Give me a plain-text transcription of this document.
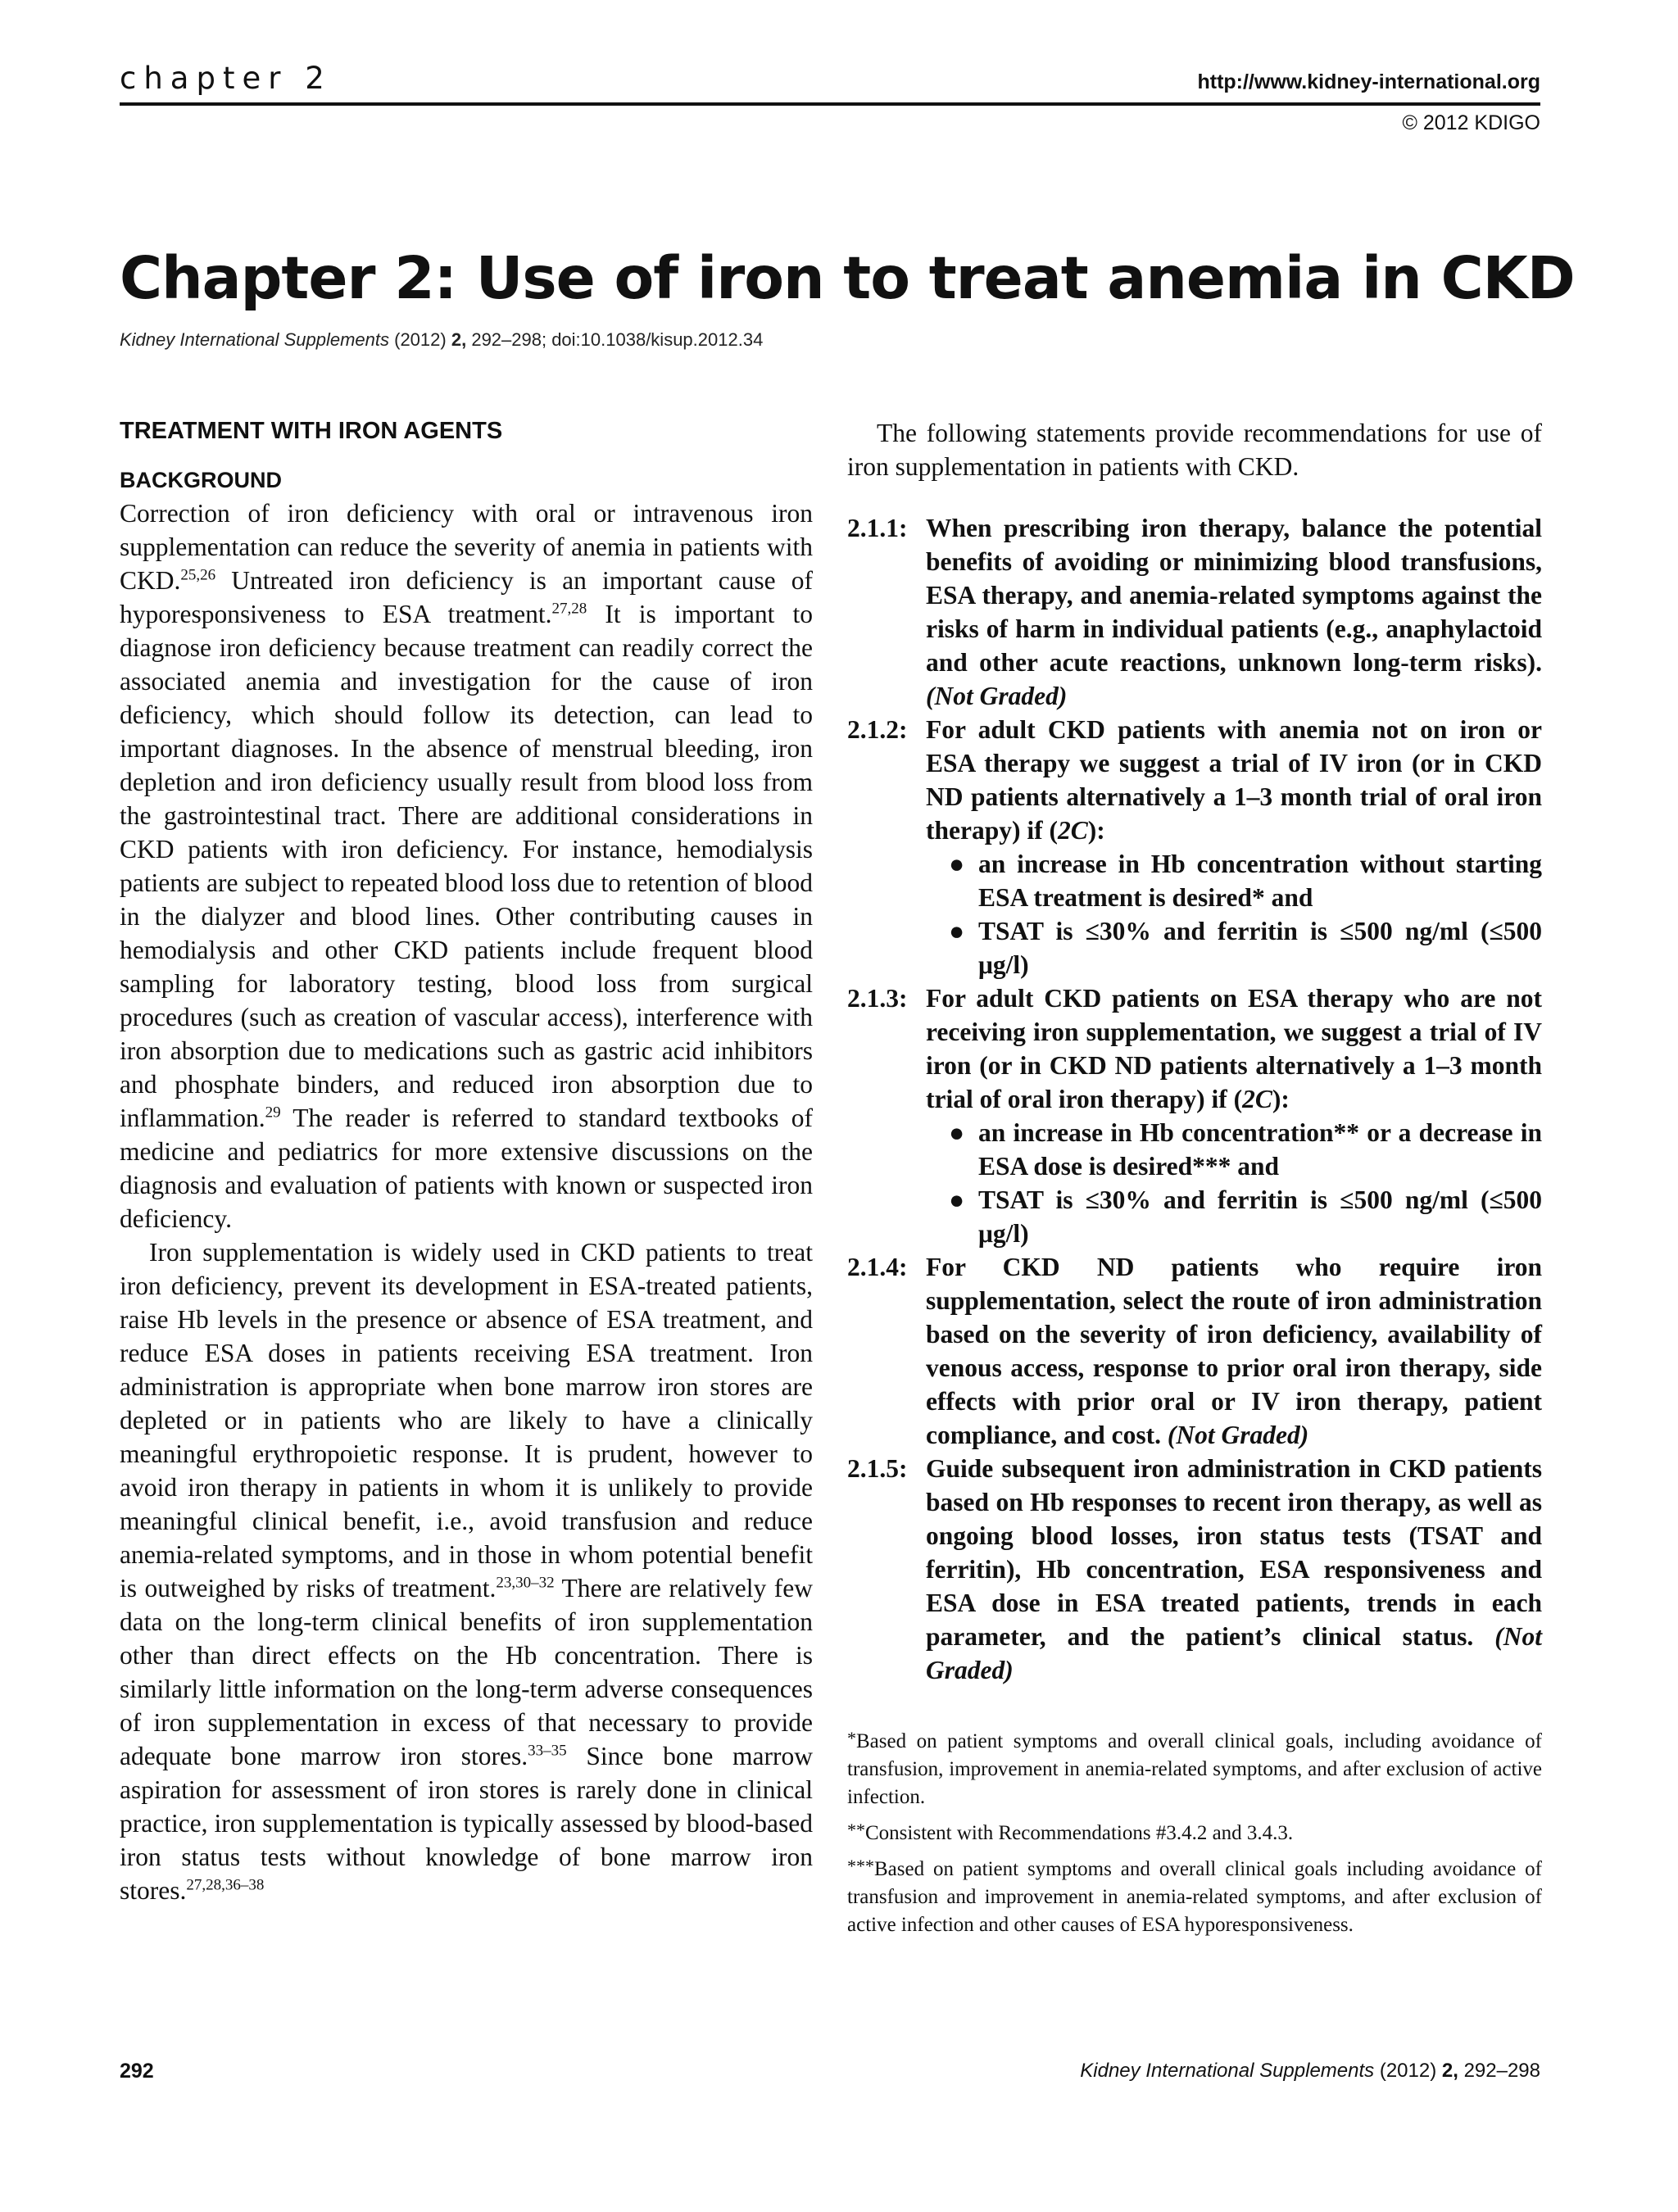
chapter 2	http://www.kidney-international.org
© 2012 KDIGO
Chapter 2: Use of iron to treat anemia in CKD
Kidney International Supplements (2012) 2, 292–298; doi:10.1038/kisup.2012.34
TREATMENT WITH IRON AGENTS
BACKGROUND

Correction of iron deficiency with oral or intravenous iron supplementation can reduce the severity of anemia in patients with CKD.$^{25,26}$ Untreated iron deficiency is an important cause of hyporesponsiveness to ESA treatment.$^{27,28}$ It is important to diagnose iron deficiency because treatment can readily correct the associated anemia and investigation for the cause of iron deficiency, which should follow its detection, can lead to important diagnoses. In the absence of menstrual bleeding, iron depletion and iron deficiency usually result from blood loss from the gastrointestinal tract. There are additional considerations in CKD patients with iron deficiency. For instance, hemodialysis patients are subject to repeated blood loss due to retention of blood in the dialyzer and blood lines. Other contributing causes in hemodialysis and other CKD patients include frequent blood sampling for laboratory testing, blood loss from surgical procedures (such as creation of vascular access), interference with iron absorption due to medications such as gastric acid inhibitors and phosphate binders, and reduced iron absorption due to inflammation.$^{29}$ The reader is referred to standard textbooks of medicine and pediatrics for more extensive discussions on the diagnosis and evaluation of patients with known or suspected iron deficiency.

Iron supplementation is widely used in CKD patients to treat iron deficiency, prevent its development in ESA-treated patients, raise Hb levels in the presence or absence of ESA treatment, and reduce ESA doses in patients receiving ESA treatment. Iron administration is appropriate when bone marrow iron stores are depleted or in patients who are likely to have a clinically meaningful erythropoietic response. It is prudent, however to avoid iron therapy in patients in whom it is unlikely to provide meaningful clinical benefit, i.e., avoid transfusion and reduce anemia-related symptoms, and in those in whom potential benefit is outweighed by risks of treatment.$^{23,30-32}$ There are relatively few data on the long-term clinical benefits of iron supplementation other than direct effects on the Hb concentration. There is similarly little information on the long-term adverse consequences of iron supplementation in excess of that necessary to provide adequate bone marrow iron stores.$^{33-35}$ Since bone marrow aspiration for assessment of iron stores is rarely done in clinical practice, iron supplementation is typically assessed by blood-based iron status tests without knowledge of bone marrow iron stores.$^{27,28,36-38}$

The following statements provide recommendations for use of iron supplementation in patients with CKD.

2.1.1: When prescribing iron therapy, balance the potential benefits of avoiding or minimizing blood transfusions, ESA therapy, and anemia-related symptoms against the risks of harm in individual patients (e.g., anaphylactoid and other acute reactions, unknown long-term risks). (Not Graded)
2.1.2: For adult CKD patients with anemia not on iron or ESA therapy we suggest a trial of IV iron (or in CKD ND patients alternatively a 1–3 month trial of oral iron therapy) if (2C):
● an increase in Hb concentration without starting ESA treatment is desired* and
● TSAT is ≤30% and ferritin is ≤500 ng/ml (≤500 μg/l)
2.1.3: For adult CKD patients on ESA therapy who are not receiving iron supplementation, we suggest a trial of IV iron (or in CKD ND patients alternatively a 1–3 month trial of oral iron therapy) if (2C):
● an increase in Hb concentration** or a decrease in ESA dose is desired*** and
● TSAT is ≤30% and ferritin is ≤500 ng/ml (≤500 μg/l)
2.1.4: For CKD ND patients who require iron supplementation, select the route of iron administration based on the severity of iron deficiency, availability of venous access, response to prior oral iron therapy, side effects with prior oral or IV iron therapy, patient compliance, and cost. (Not Graded)
2.1.5: Guide subsequent iron administration in CKD patients based on Hb responses to recent iron therapy, as well as ongoing blood losses, iron status tests (TSAT and ferritin), Hb concentration, ESA responsiveness and ESA dose in ESA treated patients, trends in each parameter, and the patient’s clinical status. (Not Graded)

*Based on patient symptoms and overall clinical goals, including avoidance of transfusion, improvement in anemia-related symptoms, and after exclusion of active infection.

**Consistent with Recommendations #3.4.2 and 3.4.3.

***Based on patient symptoms and overall clinical goals including avoidance of transfusion and improvement in anemia-related symptoms, and after exclusion of active infection and other causes of ESA hyporesponsiveness.

292	Kidney International Supplements (2012) 2, 292–298
